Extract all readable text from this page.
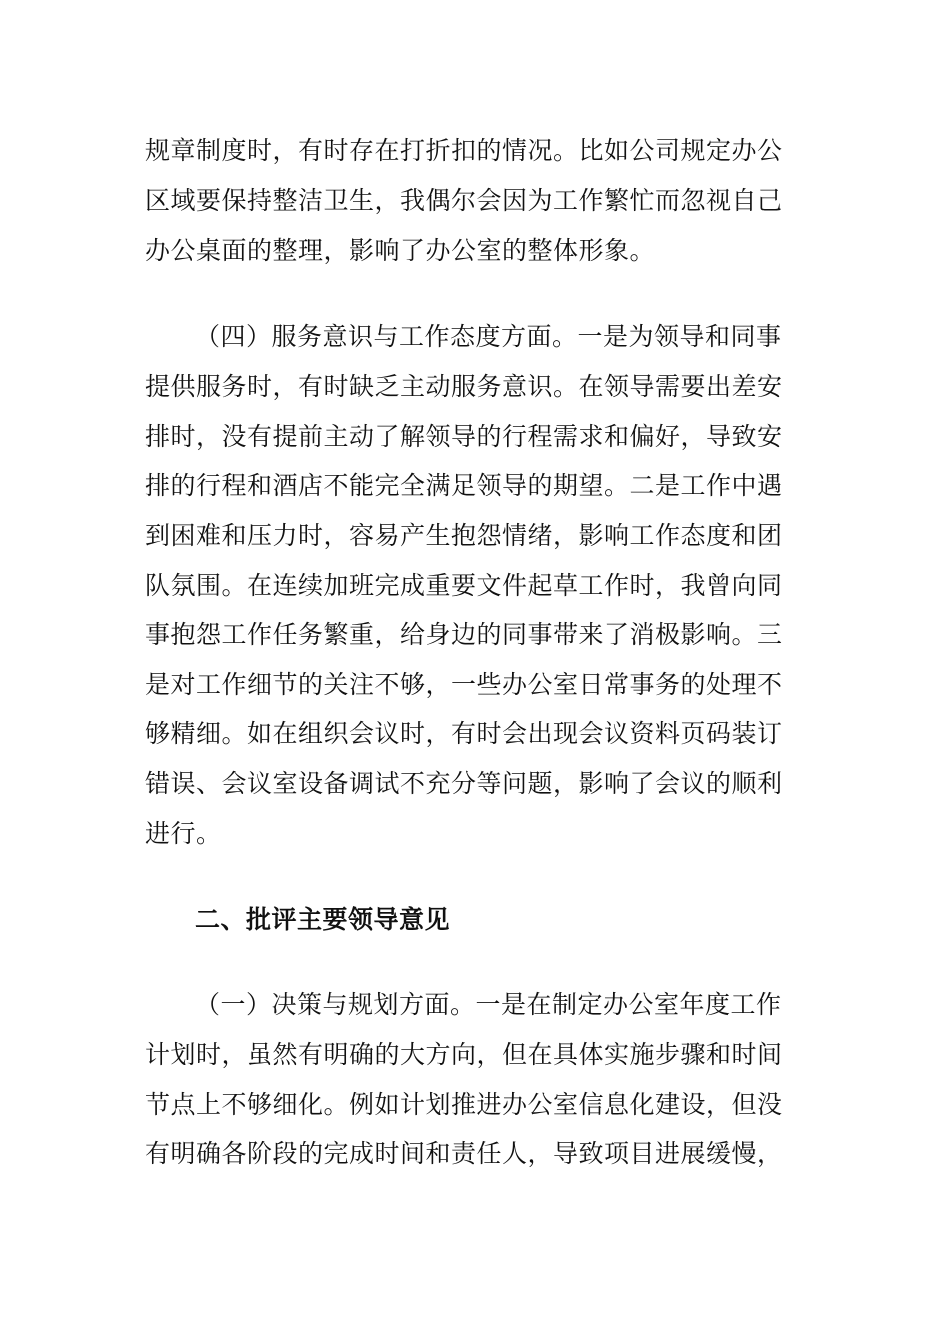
规章制度时，有时存在打折扣的情况。比如公司规定办公
区域要保持整洁卫生，我偶尔会因为工作繁忙而忽视自己
办公桌面的整理，影响了办公室的整体形象。
（四）服务意识与工作态度方面。一是为领导和同事
提供服务时，有时缺乏主动服务意识。在领导需要出差安
排时，没有提前主动了解领导的行程需求和偏好，导致安
排的行程和酒店不能完全满足领导的期望。二是工作中遇
到困难和压力时，容易产生抱怨情绪，影响工作态度和团
队氛围。在连续加班完成重要文件起草工作时，我曾向同
事抱怨工作任务繁重，给身边的同事带来了消极影响。三
是对工作细节的关注不够，一些办公室日常事务的处理不
够精细。如在组织会议时，有时会出现会议资料页码装订
错误、会议室设备调试不充分等问题，影响了会议的顺利
进行。
二、批评主要领导意见
（一）决策与规划方面。一是在制定办公室年度工作
计划时，虽然有明确的大方向，但在具体实施步骤和时间
节点上不够细化。例如计划推进办公室信息化建设，但没
有明确各阶段的完成时间和责任人，导致项目进展缓慢，
